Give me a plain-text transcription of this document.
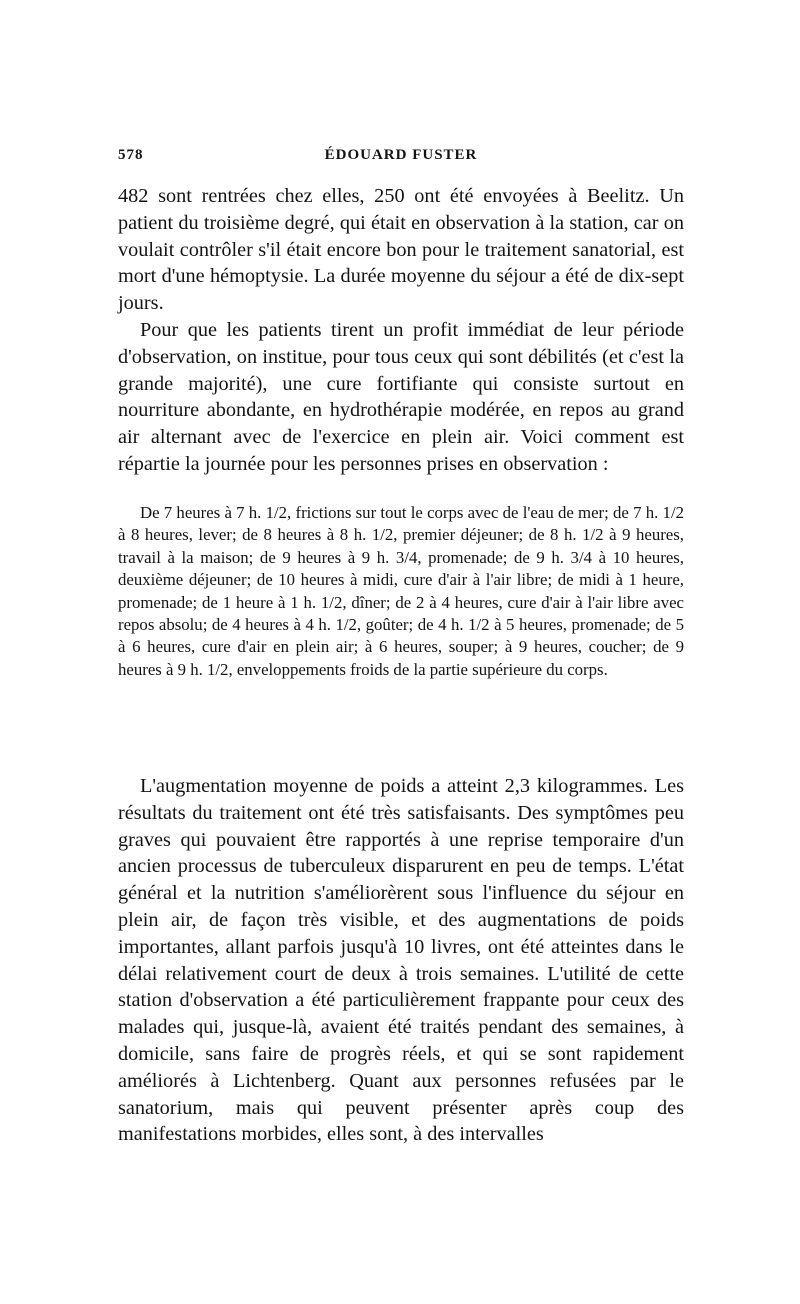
578	ÉDOUARD FUSTER

482 sont rentrées chez elles, 250 ont été envoyées à Beelitz. Un patient du troisième degré, qui était en observation à la station, car on voulait contrôler s'il était encore bon pour le traitement sanatorial, est mort d'une hémoptysie. La durée moyenne du séjour a été de dix-sept jours.

Pour que les patients tirent un profit immédiat de leur période d'observation, on institue, pour tous ceux qui sont débilités (et c'est la grande majorité), une cure fortifiante qui consiste surtout en nourriture abondante, en hydrothérapie modérée, en repos au grand air alternant avec de l'exercice en plein air. Voici comment est répartie la journée pour les personnes prises en observation :

De 7 heures à 7 h. 1/2, frictions sur tout le corps avec de l'eau de mer; de 7 h. 1/2 à 8 heures, lever; de 8 heures à 8 h. 1/2, premier déjeuner; de 8 h. 1/2 à 9 heures, travail à la maison; de 9 heures à 9 h. 3/4, promenade; de 9 h. 3/4 à 10 heures, deuxième déjeuner; de 10 heures à midi, cure d'air à l'air libre; de midi à 1 heure, promenade; de 1 heure à 1 h. 1/2, dîner; de 2 à 4 heures, cure d'air à l'air libre avec repos absolu; de 4 heures à 4 h. 1/2, goûter; de 4 h. 1/2 à 5 heures, promenade; de 5 à 6 heures, cure d'air en plein air; à 6 heures, souper; à 9 heures, coucher; de 9 heures à 9 h. 1/2, enveloppements froids de la partie supérieure du corps.

L'augmentation moyenne de poids a atteint 2,3 kilogrammes. Les résultats du traitement ont été très satisfaisants. Des symptômes peu graves qui pouvaient être rapportés à une reprise temporaire d'un ancien processus de tuberculeux disparurent en peu de temps. L'état général et la nutrition s'améliorèrent sous l'influence du séjour en plein air, de façon très visible, et des augmentations de poids importantes, allant parfois jusqu'à 10 livres, ont été atteintes dans le délai relativement court de deux à trois semaines. L'utilité de cette station d'observation a été particulièrement frappante pour ceux des malades qui, jusque-là, avaient été traités pendant des semaines, à domicile, sans faire de progrès réels, et qui se sont rapidement améliorés à Lichtenberg. Quant aux personnes refusées par le sanatorium, mais qui peuvent présenter après coup des manifestations morbides, elles sont, à des intervalles
